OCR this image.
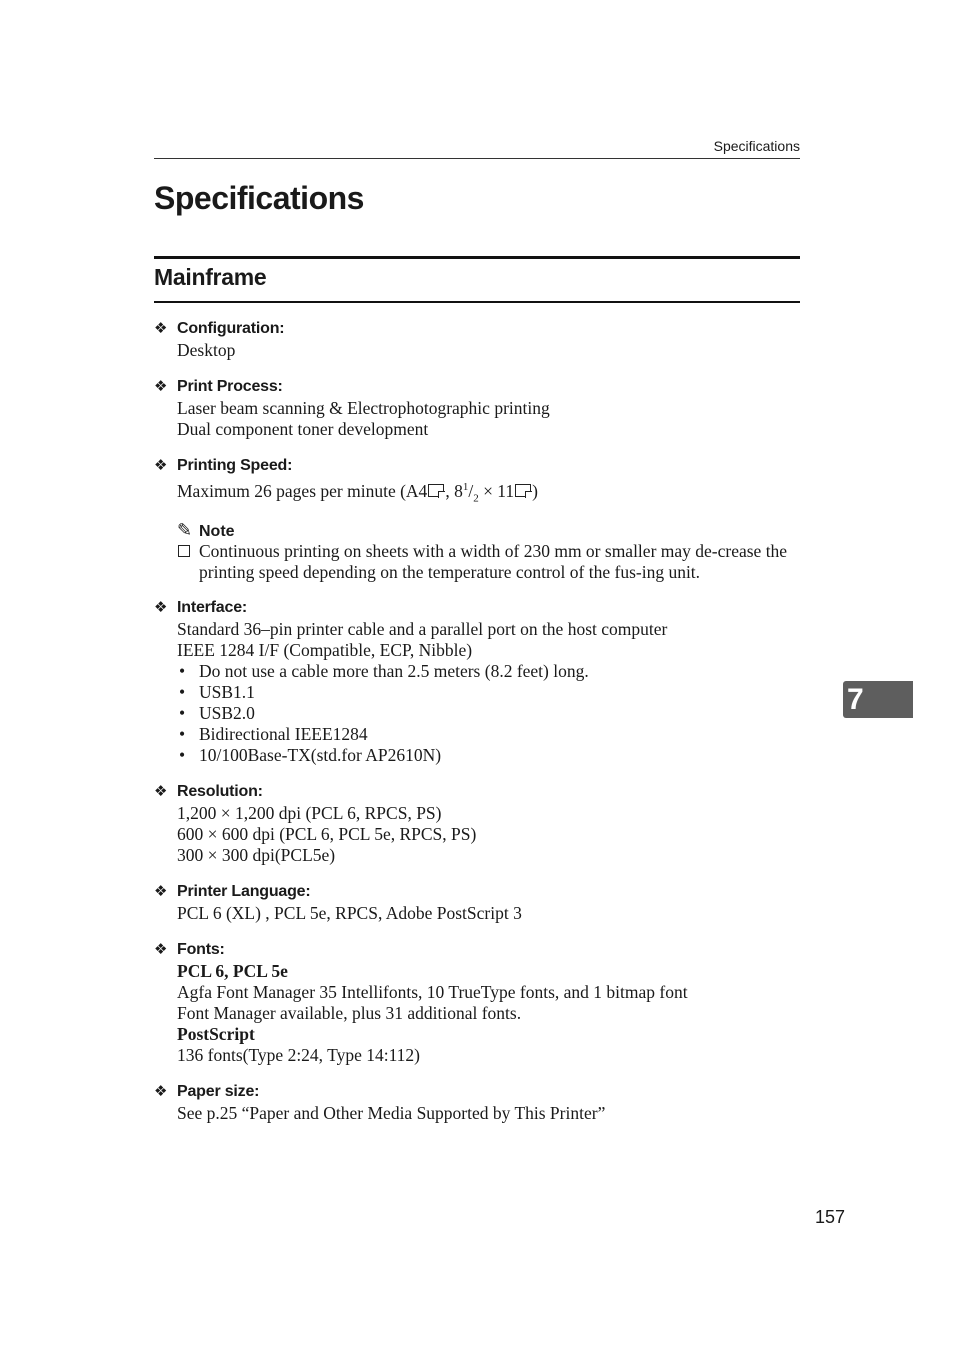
Specifications
Specifications
Mainframe
❖ Configuration:
Desktop
❖ Print Process:
Laser beam scanning & Electrophotographic printing
Dual component toner development
❖ Printing Speed:
Maximum 26 pages per minute (A4 , $8^1/_2 \times 11$ )
✎ Note
Continuous printing on sheets with a width of 230 mm or smaller may de-crease the printing speed depending on the temperature control of the fus-ing unit.
❖ Interface:
Standard 36–pin printer cable and a parallel port on the host computer
IEEE 1284 I/F (Compatible, ECP, Nibble)
• Do not use a cable more than 2.5 meters (8.2 feet) long.
• USB1.1
• USB2.0
• Bidirectional IEEE1284
• 10/100Base-TX(std.for AP2610N)
❖ Resolution:
1,200 × 1,200 dpi (PCL 6, RPCS, PS)
600 × 600 dpi (PCL 6, PCL 5e, RPCS, PS)
300 × 300 dpi(PCL5e)
❖ Printer Language:
PCL 6 (XL) , PCL 5e, RPCS, Adobe PostScript 3
❖ Fonts:
PCL 6, PCL 5e
Agfa Font Manager 35 Intellifonts, 10 TrueType fonts, and 1 bitmap font
Font Manager available, plus 31 additional fonts.
PostScript
136 fonts(Type 2:24, Type 14:112)
❖ Paper size:
See p.25 “Paper and Other Media Supported by This Printer”
7
157
